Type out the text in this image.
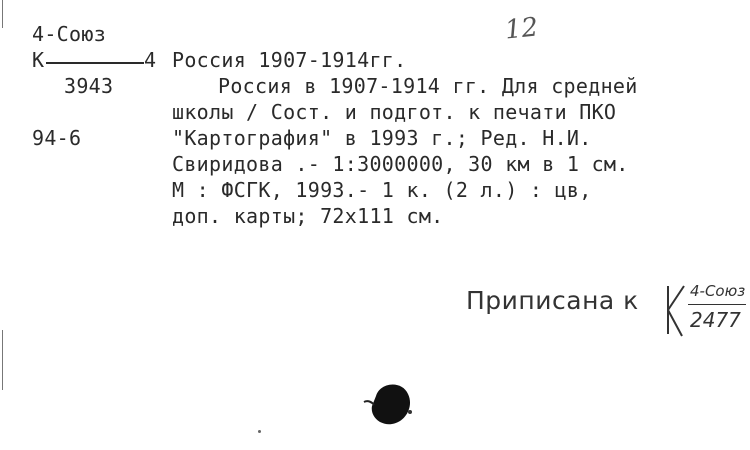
4-Союз
К	4
3943
94-6
12
Россия 1907-1914гг.
Россия в 1907-1914 гг. Для средней
школы / Сост. и подгот. к печати ПКО
"Картография" в 1993 г.; Ред. Н.И.
Свиридова .- 1:3000000, 30 км в 1 см.
М : ФСГК, 1993.- 1 к. (2 л.) : цв,
доп. карты; 72х111 см.
Приписана к	4-Союз
2477
